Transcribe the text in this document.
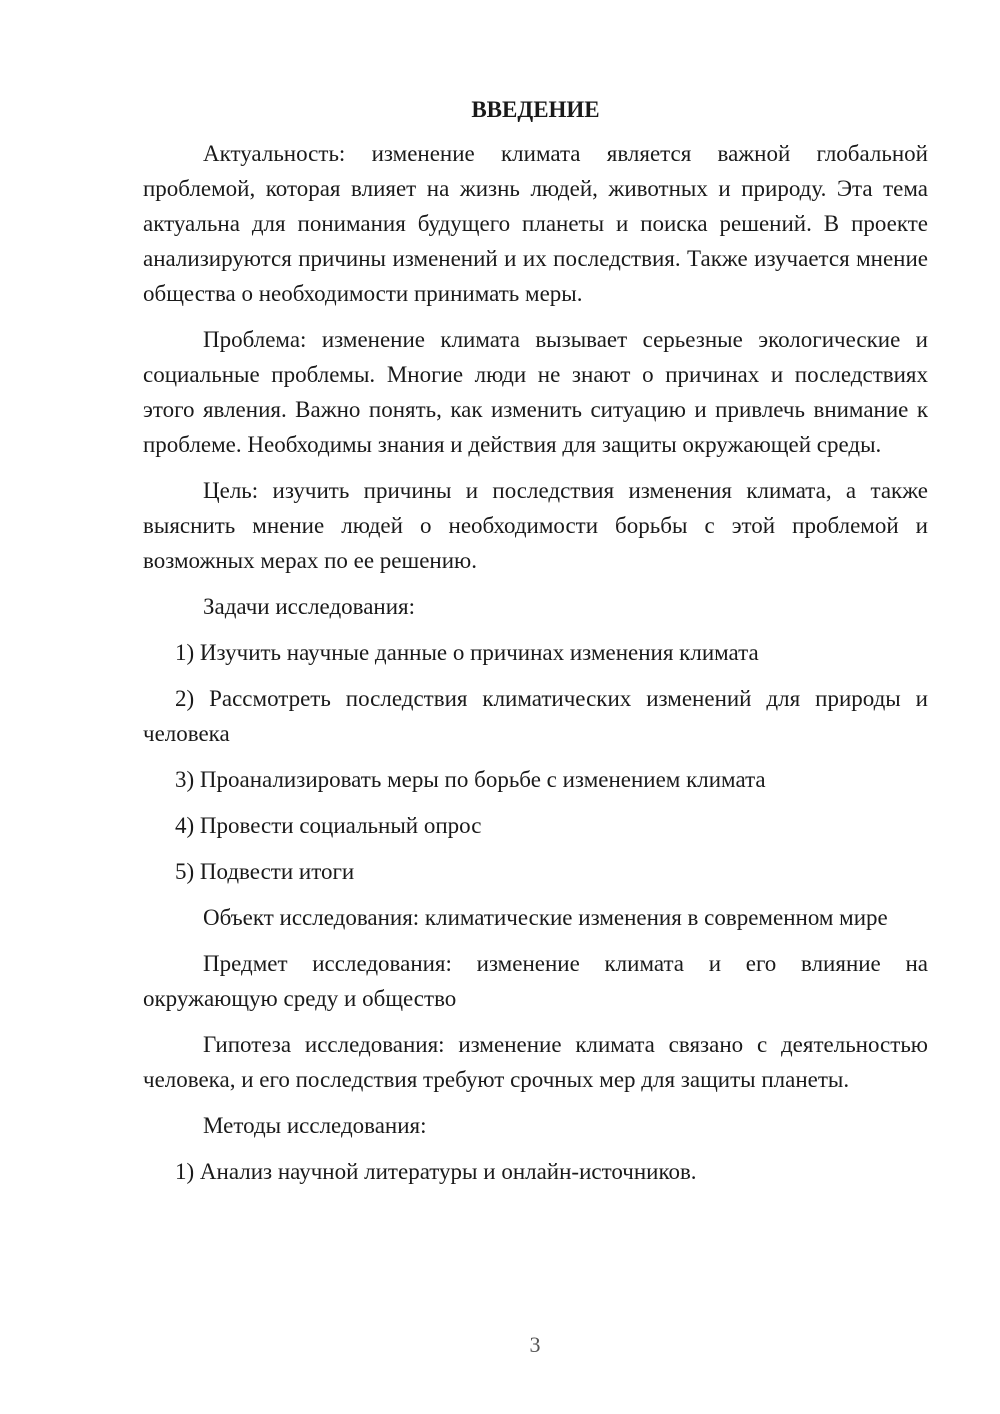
ВВЕДЕНИЕ

Актуальность: изменение климата является важной глобальной проблемой, которая влияет на жизнь людей, животных и природу. Эта тема актуальна для понимания будущего планеты и поиска решений. В проекте анализируются причины изменений и их последствия. Также изучается мнение общества о необходимости принимать меры.

Проблема: изменение климата вызывает серьезные экологические и социальные проблемы. Многие люди не знают о причинах и последствиях этого явления. Важно понять, как изменить ситуацию и привлечь внимание к проблеме. Необходимы знания и действия для защиты окружающей среды.

Цель: изучить причины и последствия изменения климата, а также выяснить мнение людей о необходимости борьбы с этой проблемой и возможных мерах по ее решению.

Задачи исследования:

1) Изучить научные данные о причинах изменения климата

2) Рассмотреть последствия климатических изменений для природы и человека

3) Проанализировать меры по борьбе с изменением климата

4) Провести социальный опрос

5) Подвести итоги

Объект исследования: климатические изменения в современном мире

Предмет исследования: изменение климата и его влияние на окружающую среду и общество

Гипотеза исследования: изменение климата связано с деятельностью человека, и его последствия требуют срочных мер для защиты планеты.

Методы исследования:

1) Анализ научной литературы и онлайн-источников.

3
